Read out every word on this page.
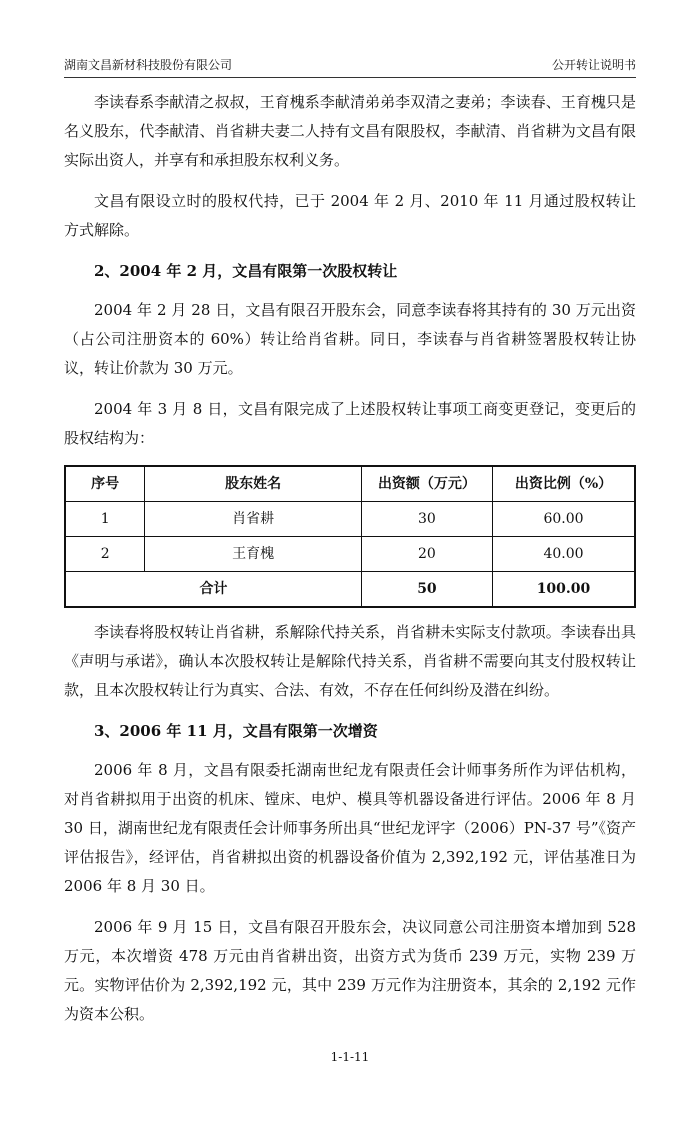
湖南文昌新材科技股份有限公司	公开转让说明书

李读春系李献清之叔叔，王育槐系李献清弟弟李双清之妻弟；李读春、王育槐只是名义股东，代李献清、肖省耕夫妻二人持有文昌有限股权，李献清、肖省耕为文昌有限实际出资人，并享有和承担股东权利义务。

文昌有限设立时的股权代持，已于 2004 年 2 月、2010 年 11 月通过股权转让方式解除。

2、2004 年 2 月，文昌有限第一次股权转让

2004 年 2 月 28 日，文昌有限召开股东会，同意李读春将其持有的 30 万元出资（占公司注册资本的 60%）转让给肖省耕。同日，李读春与肖省耕签署股权转让协议，转让价款为 30 万元。

2004 年 3 月 8 日，文昌有限完成了上述股权转让事项工商变更登记，变更后的股权结构为：

序号	股东姓名	出资额（万元）	出资比例（%）
1	肖省耕	30	60.00
2	王育槐	20	40.00
合计		50	100.00

李读春将股权转让肖省耕，系解除代持关系，肖省耕未实际支付款项。李读春出具《声明与承诺》，确认本次股权转让是解除代持关系，肖省耕不需要向其支付股权转让款，且本次股权转让行为真实、合法、有效，不存在任何纠纷及潜在纠纷。

3、2006 年 11 月，文昌有限第一次增资

2006 年 8 月，文昌有限委托湖南世纪龙有限责任会计师事务所作为评估机构，对肖省耕拟用于出资的机床、镗床、电炉、模具等机器设备进行评估。2006 年 8 月 30 日，湖南世纪龙有限责任会计师事务所出具“世纪龙评字（2006）PN-37 号”《资产评估报告》，经评估，肖省耕拟出资的机器设备价值为 2,392,192 元，评估基准日为 2006 年 8 月 30 日。

2006 年 9 月 15 日，文昌有限召开股东会，决议同意公司注册资本增加到 528 万元，本次增资 478 万元由肖省耕出资，出资方式为货币 239 万元，实物 239 万元。实物评估价为 2,392,192 元，其中 239 万元作为注册资本，其余的 2,192 元作为资本公积。

1-1-11
